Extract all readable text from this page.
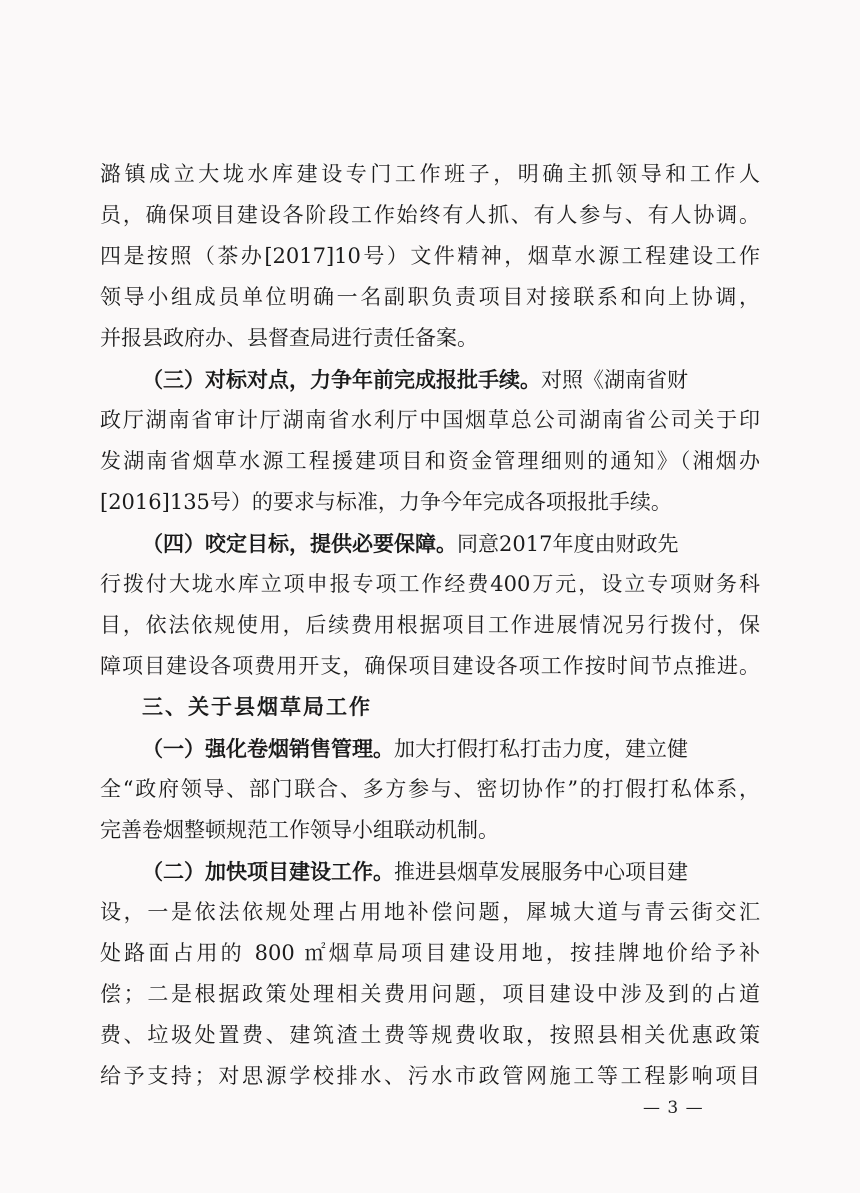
潞镇成立大垅水库建设专门工作班子，明确主抓领导和工作人
员，确保项目建设各阶段工作始终有人抓、有人参与、有人协调。
四是按照（茶办[2017]10号）文件精神，烟草水源工程建设工作
领导小组成员单位明确一名副职负责项目对接联系和向上协调，
并报县政府办、县督查局进行责任备案。
（三）对标对点，力争年前完成报批手续。对照《湖南省财
政厅湖南省审计厅湖南省水利厅中国烟草总公司湖南省公司关于印
发湖南省烟草水源工程援建项目和资金管理细则的通知》（湘烟办
[2016]135号）的要求与标准，力争今年完成各项报批手续。
（四）咬定目标，提供必要保障。同意2017年度由财政先
行拨付大垅水库立项申报专项工作经费400万元，设立专项财务科
目，依法依规使用，后续费用根据项目工作进展情况另行拨付，保
障项目建设各项费用开支，确保项目建设各项工作按时间节点推进。
三、关于县烟草局工作
（一）强化卷烟销售管理。加大打假打私打击力度，建立健
全“政府领导、部门联合、多方参与、密切协作”的打假打私体系，
完善卷烟整顿规范工作领导小组联动机制。
（二）加快项目建设工作。推进县烟草发展服务中心项目建
设，一是依法依规处理占用地补偿问题，犀城大道与青云街交汇
处路面占用的 800 ㎡烟草局项目建设用地，按挂牌地价给予补
偿；二是根据政策处理相关费用问题，项目建设中涉及到的占道
费、垃圾处置费、建筑渣土费等规费收取，按照县相关优惠政策
给予支持；对思源学校排水、污水市政管网施工等工程影响项目
— 3 —
